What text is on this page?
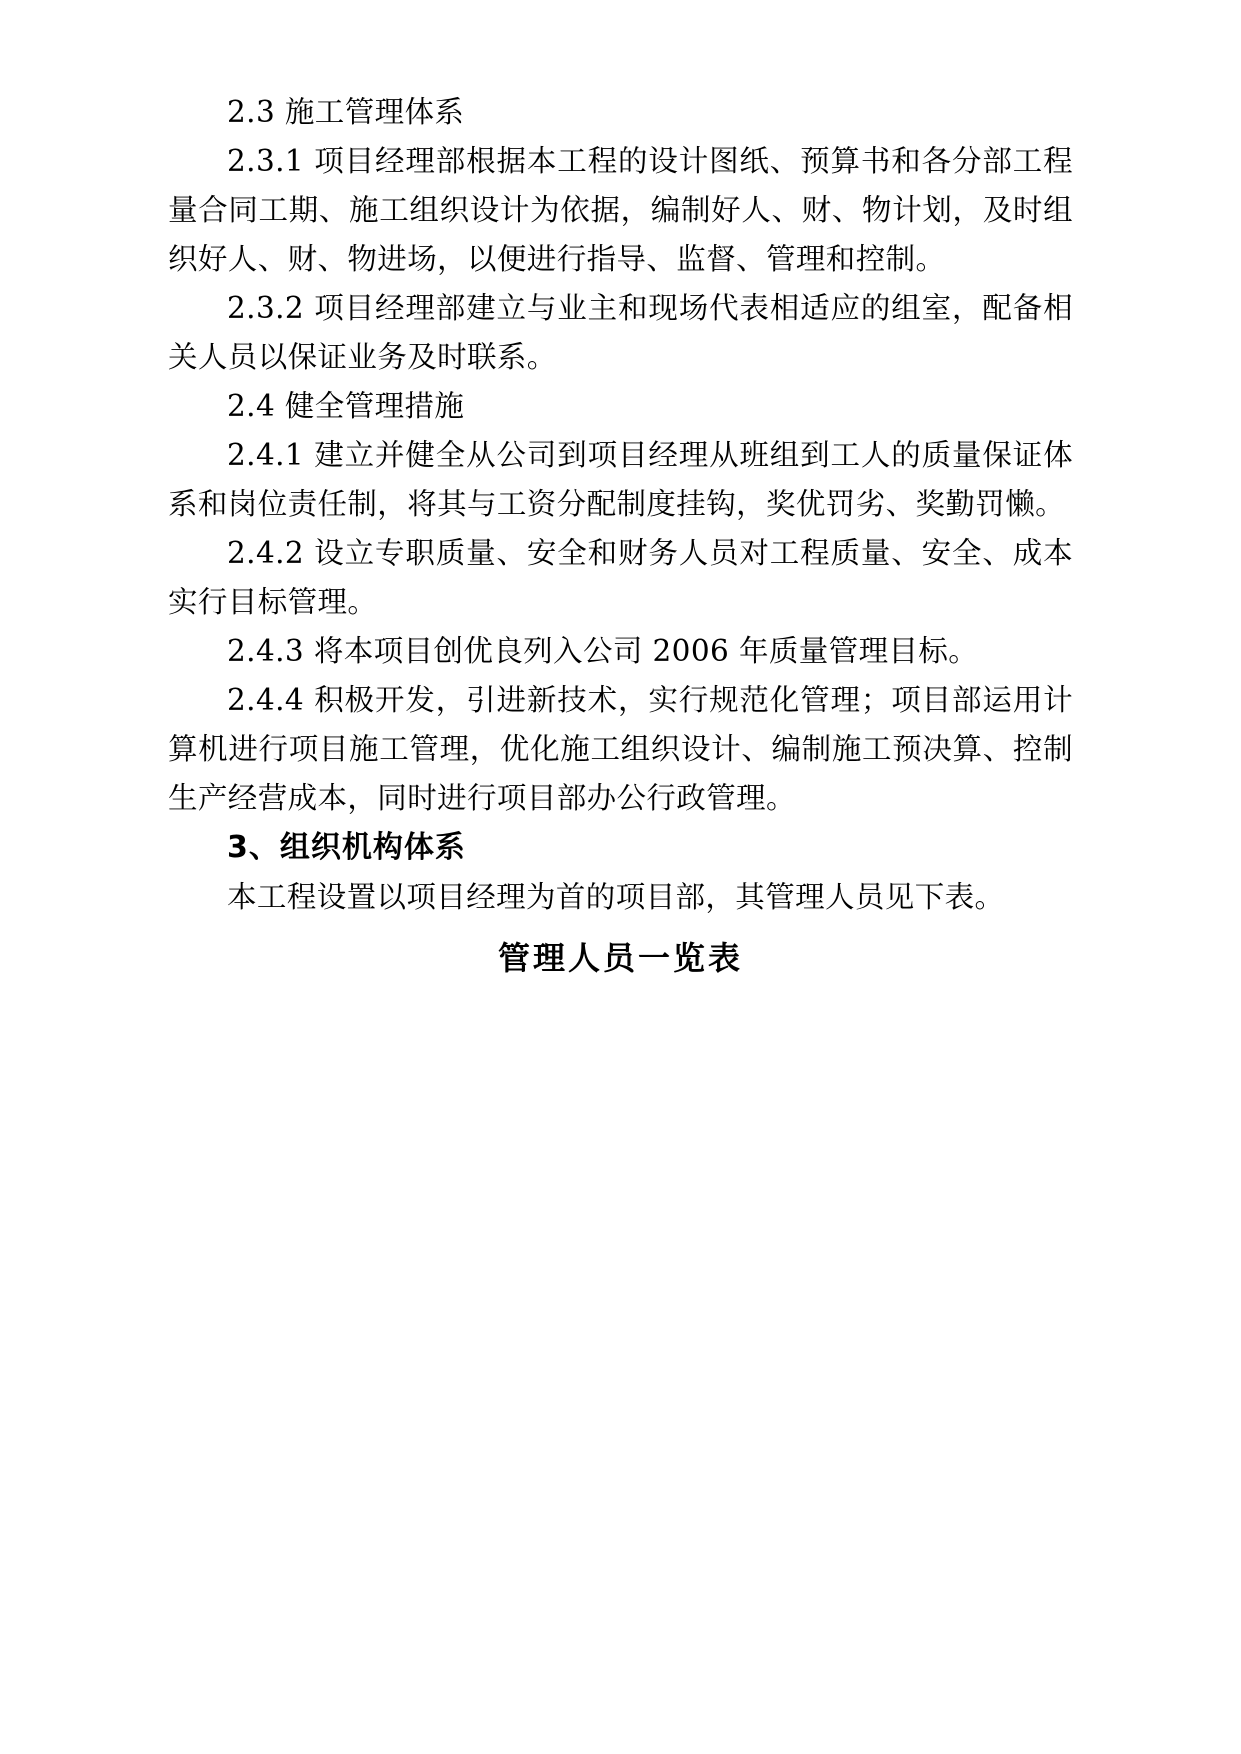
2.3 施工管理体系

2.3.1 项目经理部根据本工程的设计图纸、预算书和各分部工程量合同工期、施工组织设计为依据，编制好人、财、物计划，及时组织好人、财、物进场，以便进行指导、监督、管理和控制。

2.3.2 项目经理部建立与业主和现场代表相适应的组室，配备相关人员以保证业务及时联系。

2.4 健全管理措施

2.4.1 建立并健全从公司到项目经理从班组到工人的质量保证体系和岗位责任制，将其与工资分配制度挂钩，奖优罚劣、奖勤罚懒。

2.4.2 设立专职质量、安全和财务人员对工程质量、安全、成本实行目标管理。

2.4.3 将本项目创优良列入公司 2006 年质量管理目标。

2.4.4 积极开发，引进新技术，实行规范化管理；项目部运用计算机进行项目施工管理，优化施工组织设计、编制施工预决算、控制生产经营成本，同时进行项目部办公行政管理。

3、组织机构体系

本工程设置以项目经理为首的项目部，其管理人员见下表。

管理人员一览表
